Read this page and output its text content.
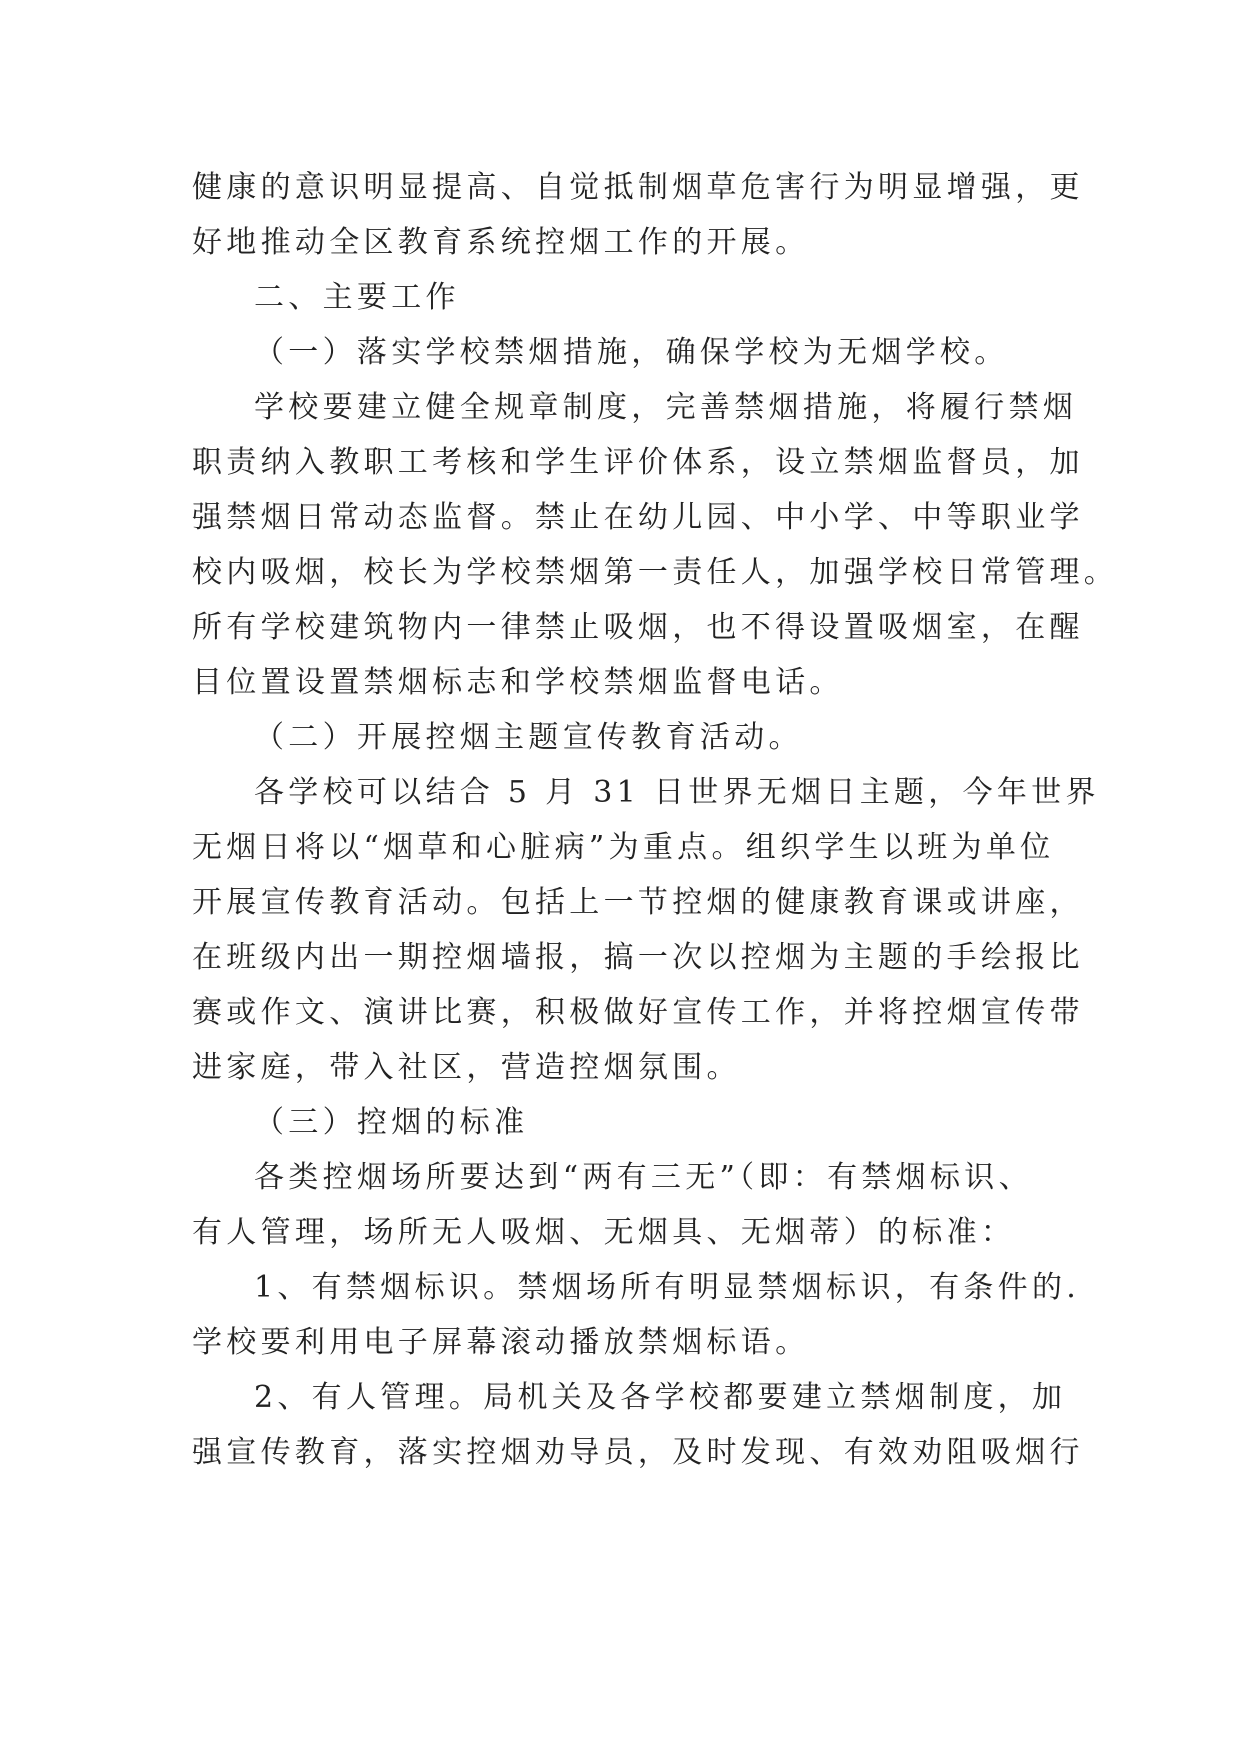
健康的意识明显提高、自觉抵制烟草危害行为明显增强，更
好地推动全区教育系统控烟工作的开展。
二、主要工作
（一）落实学校禁烟措施，确保学校为无烟学校。
学校要建立健全规章制度，完善禁烟措施，将履行禁烟
职责纳入教职工考核和学生评价体系，设立禁烟监督员，加
强禁烟日常动态监督。禁止在幼儿园、中小学、中等职业学
校内吸烟，校长为学校禁烟第一责任人，加强学校日常管理。
所有学校建筑物内一律禁止吸烟，也不得设置吸烟室，在醒
目位置设置禁烟标志和学校禁烟监督电话。
（二）开展控烟主题宣传教育活动。
各学校可以结合 5 月 31 日世界无烟日主题，今年世界
无烟日将以“烟草和心脏病”为重点。组织学生以班为单位
开展宣传教育活动。包括上一节控烟的健康教育课或讲座，
在班级内出一期控烟墙报，搞一次以控烟为主题的手绘报比
赛或作文、演讲比赛，积极做好宣传工作，并将控烟宣传带
进家庭，带入社区，营造控烟氛围。
（三）控烟的标准
各类控烟场所要达到“两有三无”（即：有禁烟标识、
有人管理，场所无人吸烟、无烟具、无烟蒂）的标准：
1、有禁烟标识。禁烟场所有明显禁烟标识，有条件的.
学校要利用电子屏幕滚动播放禁烟标语。
2、有人管理。局机关及各学校都要建立禁烟制度，加
强宣传教育，落实控烟劝导员，及时发现、有效劝阻吸烟行
